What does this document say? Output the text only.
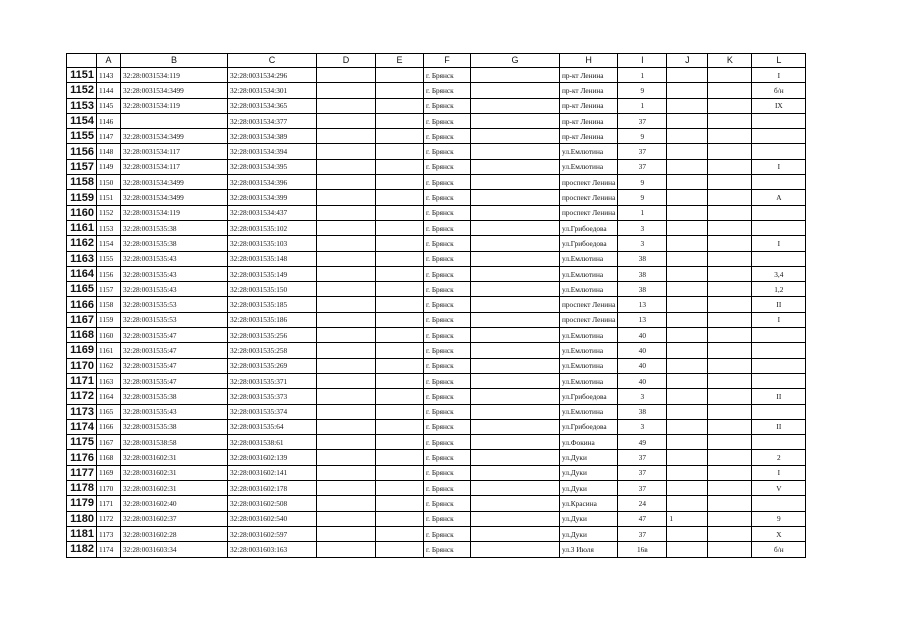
	A	B	C	D	E	F	G	H	I	J	K	L
1151	1143	32:28:0031534:119	32:28:0031534:296			г. Брянск		пр-кт Ленина	1			I
1152	1144	32:28:0031534:3499	32:28:0031534:301			г. Брянск		пр-кт Ленина	9			б/н
1153	1145	32:28:0031534:119	32:28:0031534:365			г. Брянск		пр-кт Ленина	1			IX
1154	1146		32:28:0031534:377			г. Брянск		пр-кт Ленина	37			
1155	1147	32:28:0031534:3499	32:28:0031534:389			г. Брянск		пр-кт Ленина	9			
1156	1148	32:28:0031534:117	32:28:0031534:394			г. Брянск		ул.Емлютина	37			
1157	1149	32:28:0031534:117	32:28:0031534:395			г. Брянск		ул.Емлютина	37			I
1158	1150	32:28:0031534:3499	32:28:0031534:396			г. Брянск		проспект Ленина	9			
1159	1151	32:28:0031534:3499	32:28:0031534:399			г. Брянск		проспект Ленина	9			А
1160	1152	32:28:0031534:119	32:28:0031534:437			г. Брянск		проспект Ленина	1			
1161	1153	32:28:0031535:38	32:28:0031535:102			г. Брянск		ул.Грибоедова	3			
1162	1154	32:28:0031535:38	32:28:0031535:103			г. Брянск		ул.Грибоедова	3			I
1163	1155	32:28:0031535:43	32:28:0031535:148			г. Брянск		ул.Емлютина	38			
1164	1156	32:28:0031535:43	32:28:0031535:149			г. Брянск		ул.Емлютина	38			3,4
1165	1157	32:28:0031535:43	32:28:0031535:150			г. Брянск		ул.Емлютина	38			1,2
1166	1158	32:28:0031535:53	32:28:0031535:185			г. Брянск		проспект Ленина	13			II
1167	1159	32:28:0031535:53	32:28:0031535:186			г. Брянск		проспект Ленина	13			I
1168	1160	32:28:0031535:47	32:28:0031535:256			г. Брянск		ул.Емлютина	40			
1169	1161	32:28:0031535:47	32:28:0031535:258			г. Брянск		ул.Емлютина	40			
1170	1162	32:28:0031535:47	32:28:0031535:269			г. Брянск		ул.Емлютина	40			
1171	1163	32:28:0031535:47	32:28:0031535:371			г. Брянск		ул.Емлютина	40			
1172	1164	32:28:0031535:38	32:28:0031535:373			г. Брянск		ул.Грибоедова	3			II
1173	1165	32:28:0031535:43	32:28:0031535:374			г. Брянск		ул.Емлютина	38			
1174	1166	32:28:0031535:38	32:28:0031535:64			г. Брянск		ул.Грибоедова	3			II
1175	1167	32:28:0031538:58	32:28:0031538:61			г. Брянск		ул.Фокина	49			
1176	1168	32:28:0031602:31	32:28:0031602:139			г. Брянск		ул.Дуки	37			2
1177	1169	32:28:0031602:31	32:28:0031602:141			г. Брянск		ул.Дуки	37			I
1178	1170	32:28:0031602:31	32:28:0031602:178			г. Брянск		ул.Дуки	37			V
1179	1171	32:28:0031602:40	32:28:0031602:508			г. Брянск		ул.Красина	24			
1180	1172	32:28:0031602:37	32:28:0031602:540			г. Брянск		ул.Дуки	47	1		9
1181	1173	32:28:0031602:28	32:28:0031602:597			г. Брянск		ул.Дуки	37			X
1182	1174	32:28:0031603:34	32:28:0031603:163			г. Брянск		ул.3 Июля	16в			б/н
